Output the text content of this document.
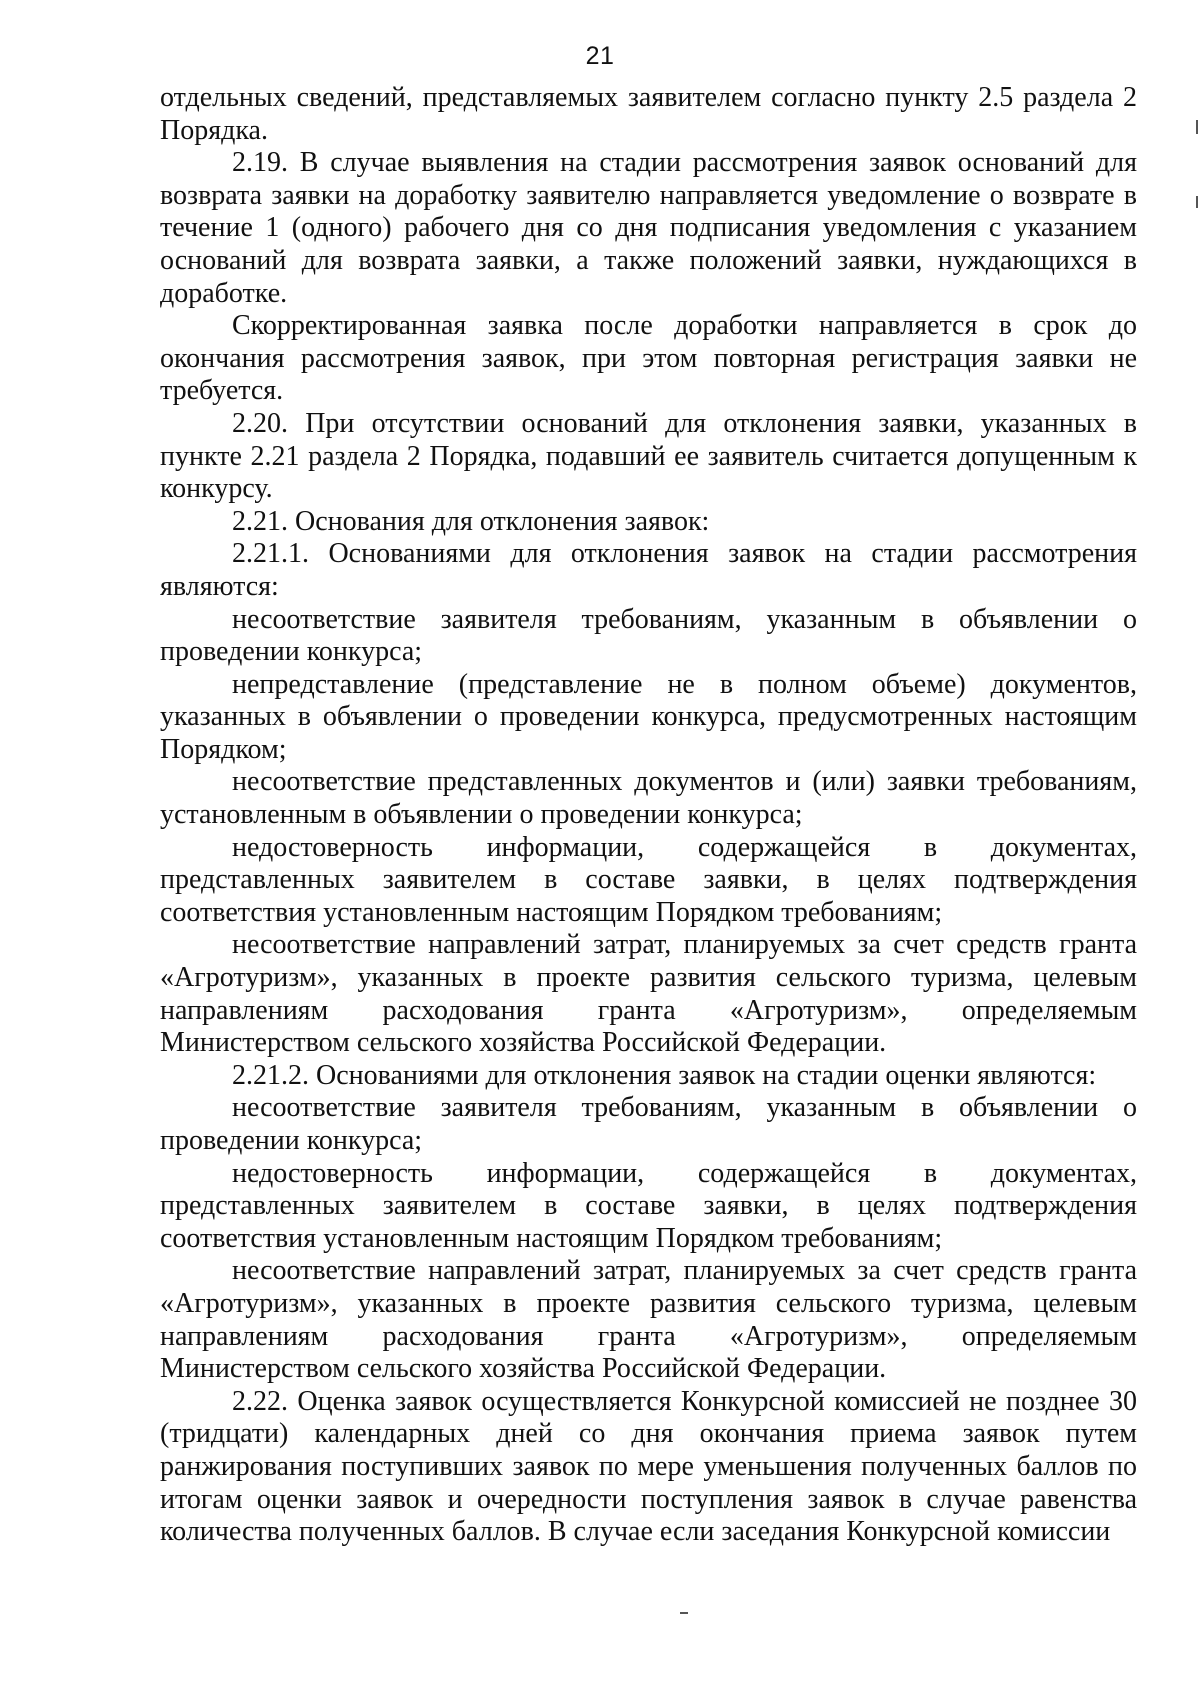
21

отдельных сведений, представляемых заявителем согласно пункту 2.5 раздела 2 Порядка.

2.19. В случае выявления на стадии рассмотрения заявок оснований для возврата заявки на доработку заявителю направляется уведомление о возврате в течение 1 (одного) рабочего дня со дня подписания уведомления с указанием оснований для возврата заявки, а также положений заявки, нуждающихся в доработке.

Скорректированная заявка после доработки направляется в срок до окончания рассмотрения заявок, при этом повторная регистрация заявки не требуется.

2.20. При отсутствии оснований для отклонения заявки, указанных в пункте 2.21 раздела 2 Порядка, подавший ее заявитель считается допущенным к конкурсу.

2.21. Основания для отклонения заявок:

2.21.1. Основаниями для отклонения заявок на стадии рассмотрения являются:

несоответствие заявителя требованиям, указанным в объявлении о проведении конкурса;

непредставление (представление не в полном объеме) документов, указанных в объявлении о проведении конкурса, предусмотренных настоящим Порядком;

несоответствие представленных документов и (или) заявки требованиям, установленным в объявлении о проведении конкурса;

недостоверность информации, содержащейся в документах, представленных заявителем в составе заявки, в целях подтверждения соответствия установленным настоящим Порядком требованиям;

несоответствие направлений затрат, планируемых за счет средств гранта «Агротуризм», указанных в проекте развития сельского туризма, целевым направлениям расходования гранта «Агротуризм», определяемым Министерством сельского хозяйства Российской Федерации.

2.21.2. Основаниями для отклонения заявок на стадии оценки являются:

несоответствие заявителя требованиям, указанным в объявлении о проведении конкурса;

недостоверность информации, содержащейся в документах, представленных заявителем в составе заявки, в целях подтверждения соответствия установленным настоящим Порядком требованиям;

несоответствие направлений затрат, планируемых за счет средств гранта «Агротуризм», указанных в проекте развития сельского туризма, целевым направлениям расходования гранта «Агротуризм», определяемым Министерством сельского хозяйства Российской Федерации.

2.22. Оценка заявок осуществляется Конкурсной комиссией не позднее 30 (тридцати) календарных дней со дня окончания приема заявок путем ранжирования поступивших заявок по мере уменьшения полученных баллов по итогам оценки заявок и очередности поступления заявок в случае равенства количества полученных баллов. В случае если заседания Конкурсной комиссии
